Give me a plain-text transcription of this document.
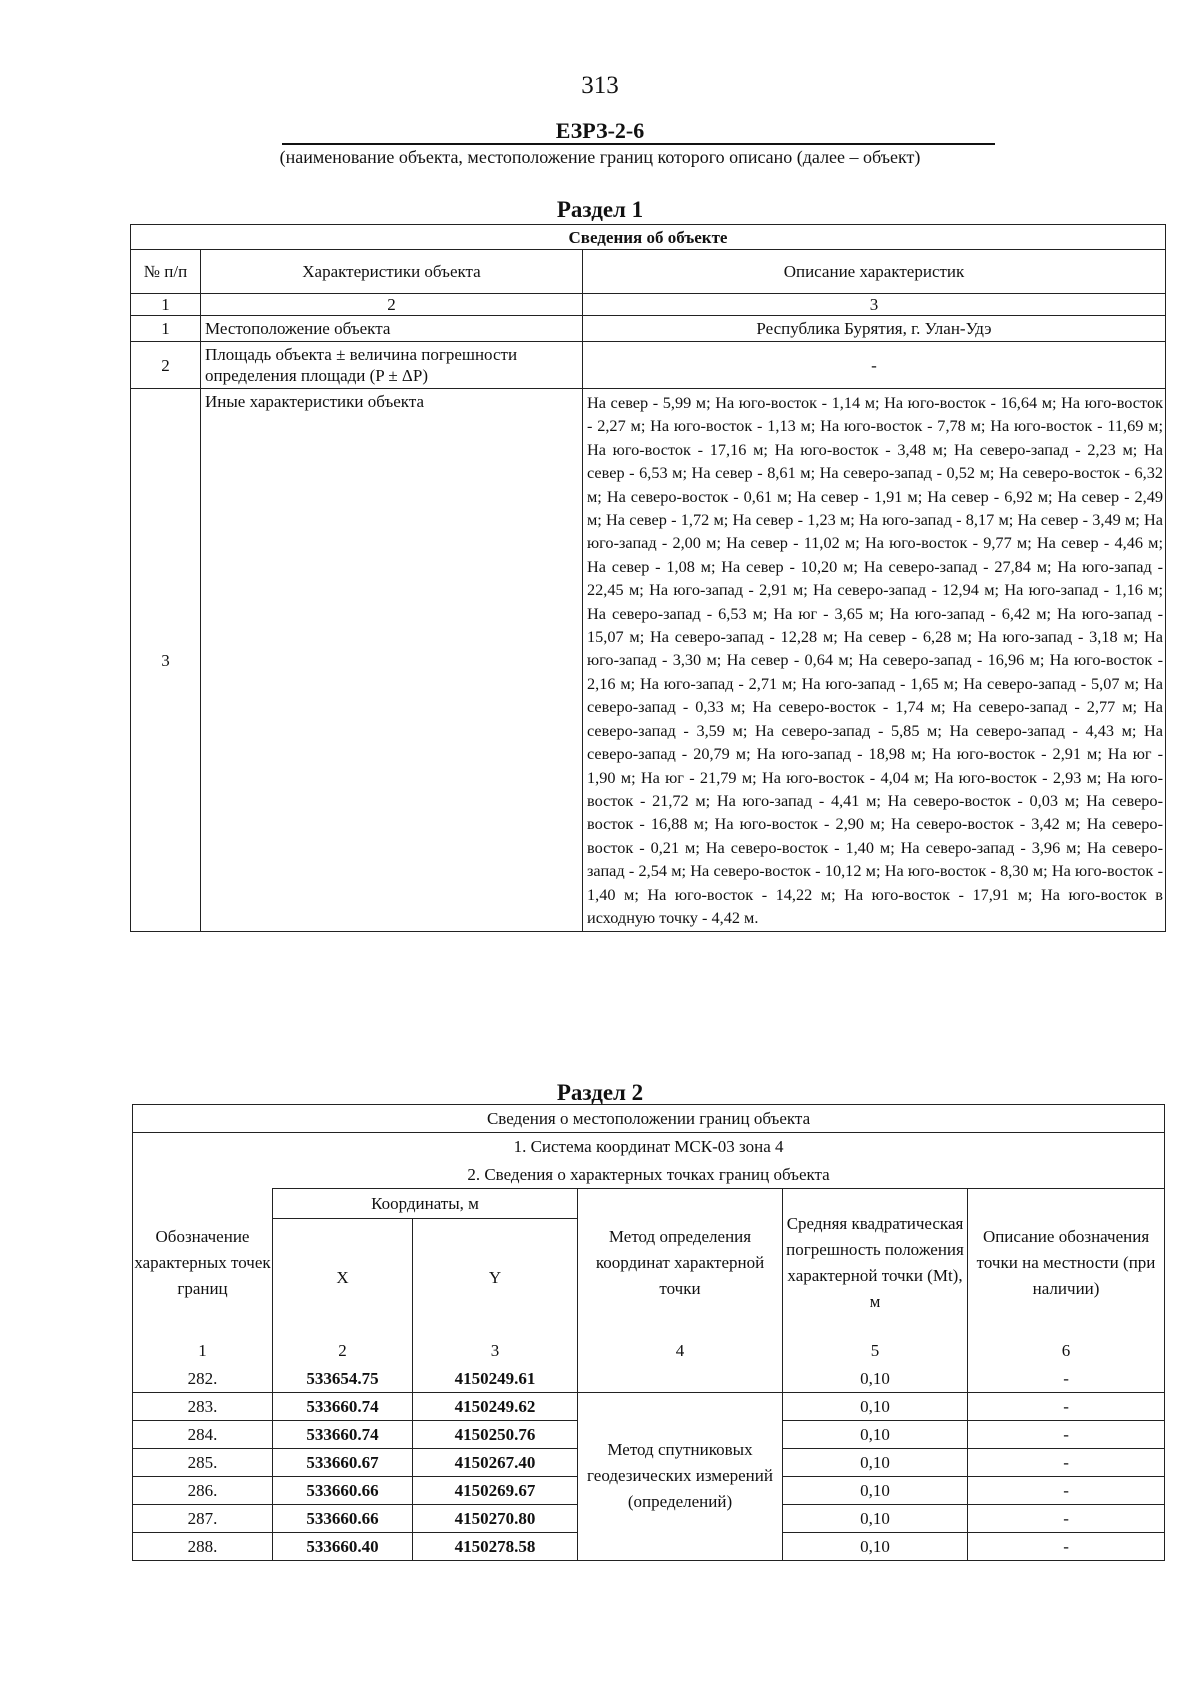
313
ЕЗРЗ-2-6
(наименование объекта, местоположение границ которого описано (далее – объект)
Раздел 1
Сведения об объекте		
№ п/п	Характеристики объекта	Описание характеристик
1	2	3
1	Местоположение объекта	Республика Бурятия, г. Улан-Удэ
2	Площадь объекта ± величина погрешности определения площади (P ± ΔP)	-
3	Иные характеристики объекта	На север - 5,99 м; На юго-восток - 1,14 м; На юго-восток - 16,64 м; На юго-восток - 2,27 м; На юго-восток - 1,13 м; На юго-восток - 7,78 м; На юго-восток - 11,69 м; На юго-восток - 17,16 м; На юго-восток - 3,48 м; На северо-запад - 2,23 м; На север - 6,53 м; На север - 8,61 м; На северо-запад - 0,52 м; На северо-восток - 6,32 м; На северо-восток - 0,61 м; На север - 1,91 м; На север - 6,92 м; На север - 2,49 м; На север - 1,72 м; На север - 1,23 м; На юго-запад - 8,17 м; На север - 3,49 м; На юго-запад - 2,00 м; На север - 11,02 м; На юго-восток - 9,77 м; На север - 4,46 м; На север - 1,08 м; На север - 10,20 м; На северо-запад - 27,84 м; На юго-запад - 22,45 м; На юго-запад - 2,91 м; На северо-запад - 12,94 м; На юго-запад - 1,16 м; На северо-запад - 6,53 м; На юг - 3,65 м; На юго-запад - 6,42 м; На юго-запад - 15,07 м; На северо-запад - 12,28 м; На север - 6,28 м; На юго-запад - 3,18 м; На юго-запад - 3,30 м; На север - 0,64 м; На северо-запад - 16,96 м; На юго-восток - 2,16 м; На юго-запад - 2,71 м; На юго-запад - 1,65 м; На северо-запад - 5,07 м; На северо-запад - 0,33 м; На северо-восток - 1,74 м; На северо-запад - 2,77 м; На северо-запад - 3,59 м; На северо-запад - 5,85 м; На северо-запад - 4,43 м; На северо-запад - 20,79 м; На юго-запад - 18,98 м; На юго-восток - 2,91 м; На юг - 1,90 м; На юг - 21,79 м; На юго-восток - 4,04 м; На юго-восток - 2,93 м; На юго-восток - 21,72 м; На юго-запад - 4,41 м; На северо-восток - 0,03 м; На северо-восток - 16,88 м; На юго-восток - 2,90 м; На северо-восток - 3,42 м; На северо-восток - 0,21 м; На северо-восток - 1,40 м; На северо-запад - 3,96 м; На северо-запад - 2,54 м; На северо-восток - 10,12 м; На юго-восток - 8,30 м; На юго-восток - 1,40 м; На юго-восток - 14,22 м; На юго-восток - 17,91 м; На юго-восток в исходную точку - 4,42 м.
Раздел 2
Сведения о местоположении границ объекта					
1. Система координат МСК-03 зона 4					
2. Сведения о характерных точках границ объекта					
Обозначение характерных точек границ	Координаты, м		Метод определения координат характерной точки	Средняя квадратическая погрешность положения характерной точки (Mt), м	Описание обозначения точки на местности (при наличии)
	X	Y			
1	2	3	4	5	6
282.	533654.75	4150249.61		0,10	-
283.	533660.74	4150249.62	Метод спутниковых геодезических измерений (определений)	0,10	-
284.	533660.74	4150250.76		0,10	-
285.	533660.67	4150267.40		0,10	-
286.	533660.66	4150269.67		0,10	-
287.	533660.66	4150270.80		0,10	-
288.	533660.40	4150278.58		0,10	-
